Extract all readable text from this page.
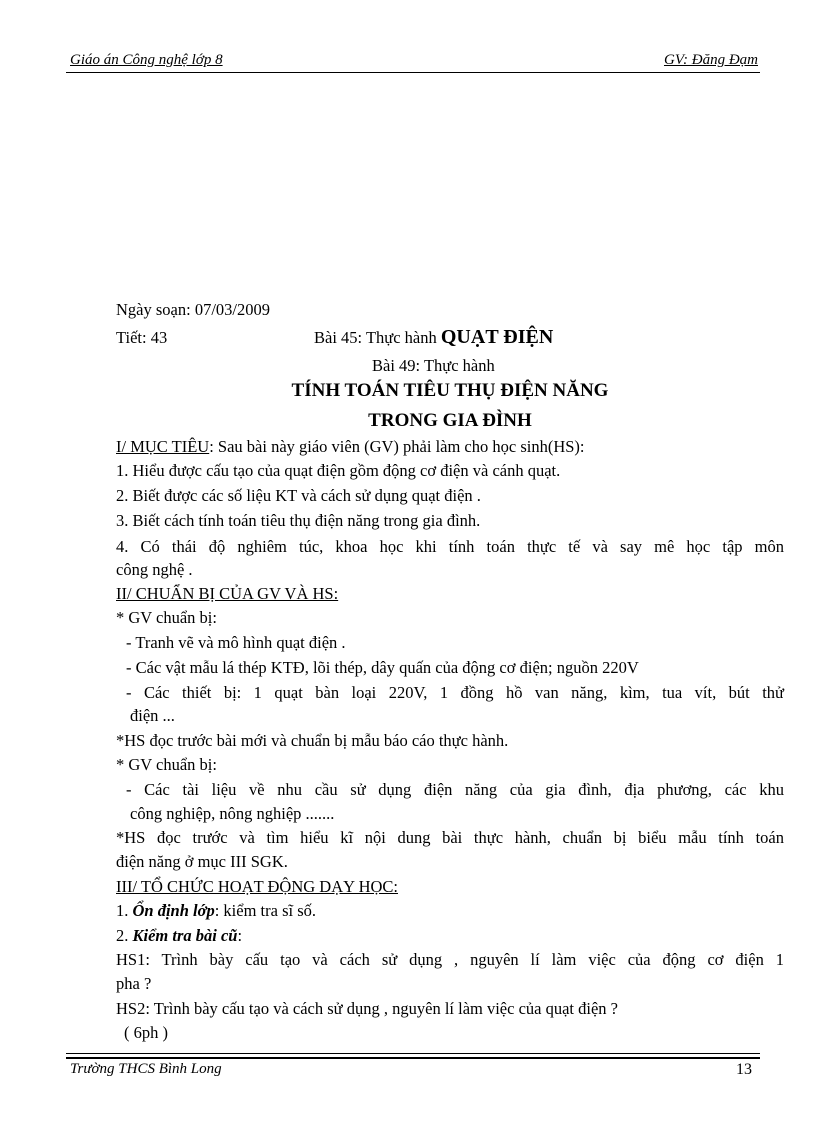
Giáo án Công nghệ lớp 8	GV: Đăng Đạm
Ngày soạn: 07/03/2009
Tiết: 43	Bài 45: Thực hành QUẠT ĐIỆN
Bài 49: Thực hành
TÍNH TOÁN TIÊU THỤ ĐIỆN NĂNG
TRONG GIA ĐÌNH
I/ MỤC TIÊU: Sau bài này giáo viên (GV) phải làm cho học sinh(HS):
1. Hiểu được cấu tạo của quạt điện gồm động cơ điện và cánh quạt.
2. Biết được các số liệu KT và cách sử dụng quạt điện .
3. Biết cách tính toán tiêu thụ điện năng trong gia đình.
4. Có thái độ nghiêm túc, khoa học khi tính toán thực tế và say mê học tập môn
công nghệ .
II/ CHUẨN BỊ CỦA GV VÀ HS:
* GV chuẩn bị:
- Tranh vẽ và mô hình quạt điện .
- Các vật mẫu lá thép KTĐ, lõi thép, dây quấn của động cơ điện; nguồn 220V
- Các thiết bị: 1 quạt bàn loại 220V, 1 đồng hồ van năng, kìm, tua vít, bút thử
điện ...
*HS đọc trước bài mới và chuẩn bị mẫu báo cáo thực hành.
* GV chuẩn bị:
- Các tài liệu về nhu cầu sử dụng điện năng của gia đình, địa phương, các khu
công nghiệp, nông nghiệp .......
*HS đọc trước và tìm hiểu kĩ nội dung bài thực hành, chuẩn bị biểu mẫu tính toán
điện năng ở mục III SGK.
III/ TỔ CHỨC HOẠT ĐỘNG DẠY HỌC:
1. Ổn định lớp: kiểm tra sĩ số.
2. Kiểm tra bài cũ:
HS1: Trình bày cấu tạo và cách sử dụng , nguyên lí làm việc của động cơ điện 1
pha ?
HS2: Trình bày cấu tạo và cách sử dụng , nguyên lí làm việc của quạt điện ?
( 6ph )
Trường THCS Bình Long	13
